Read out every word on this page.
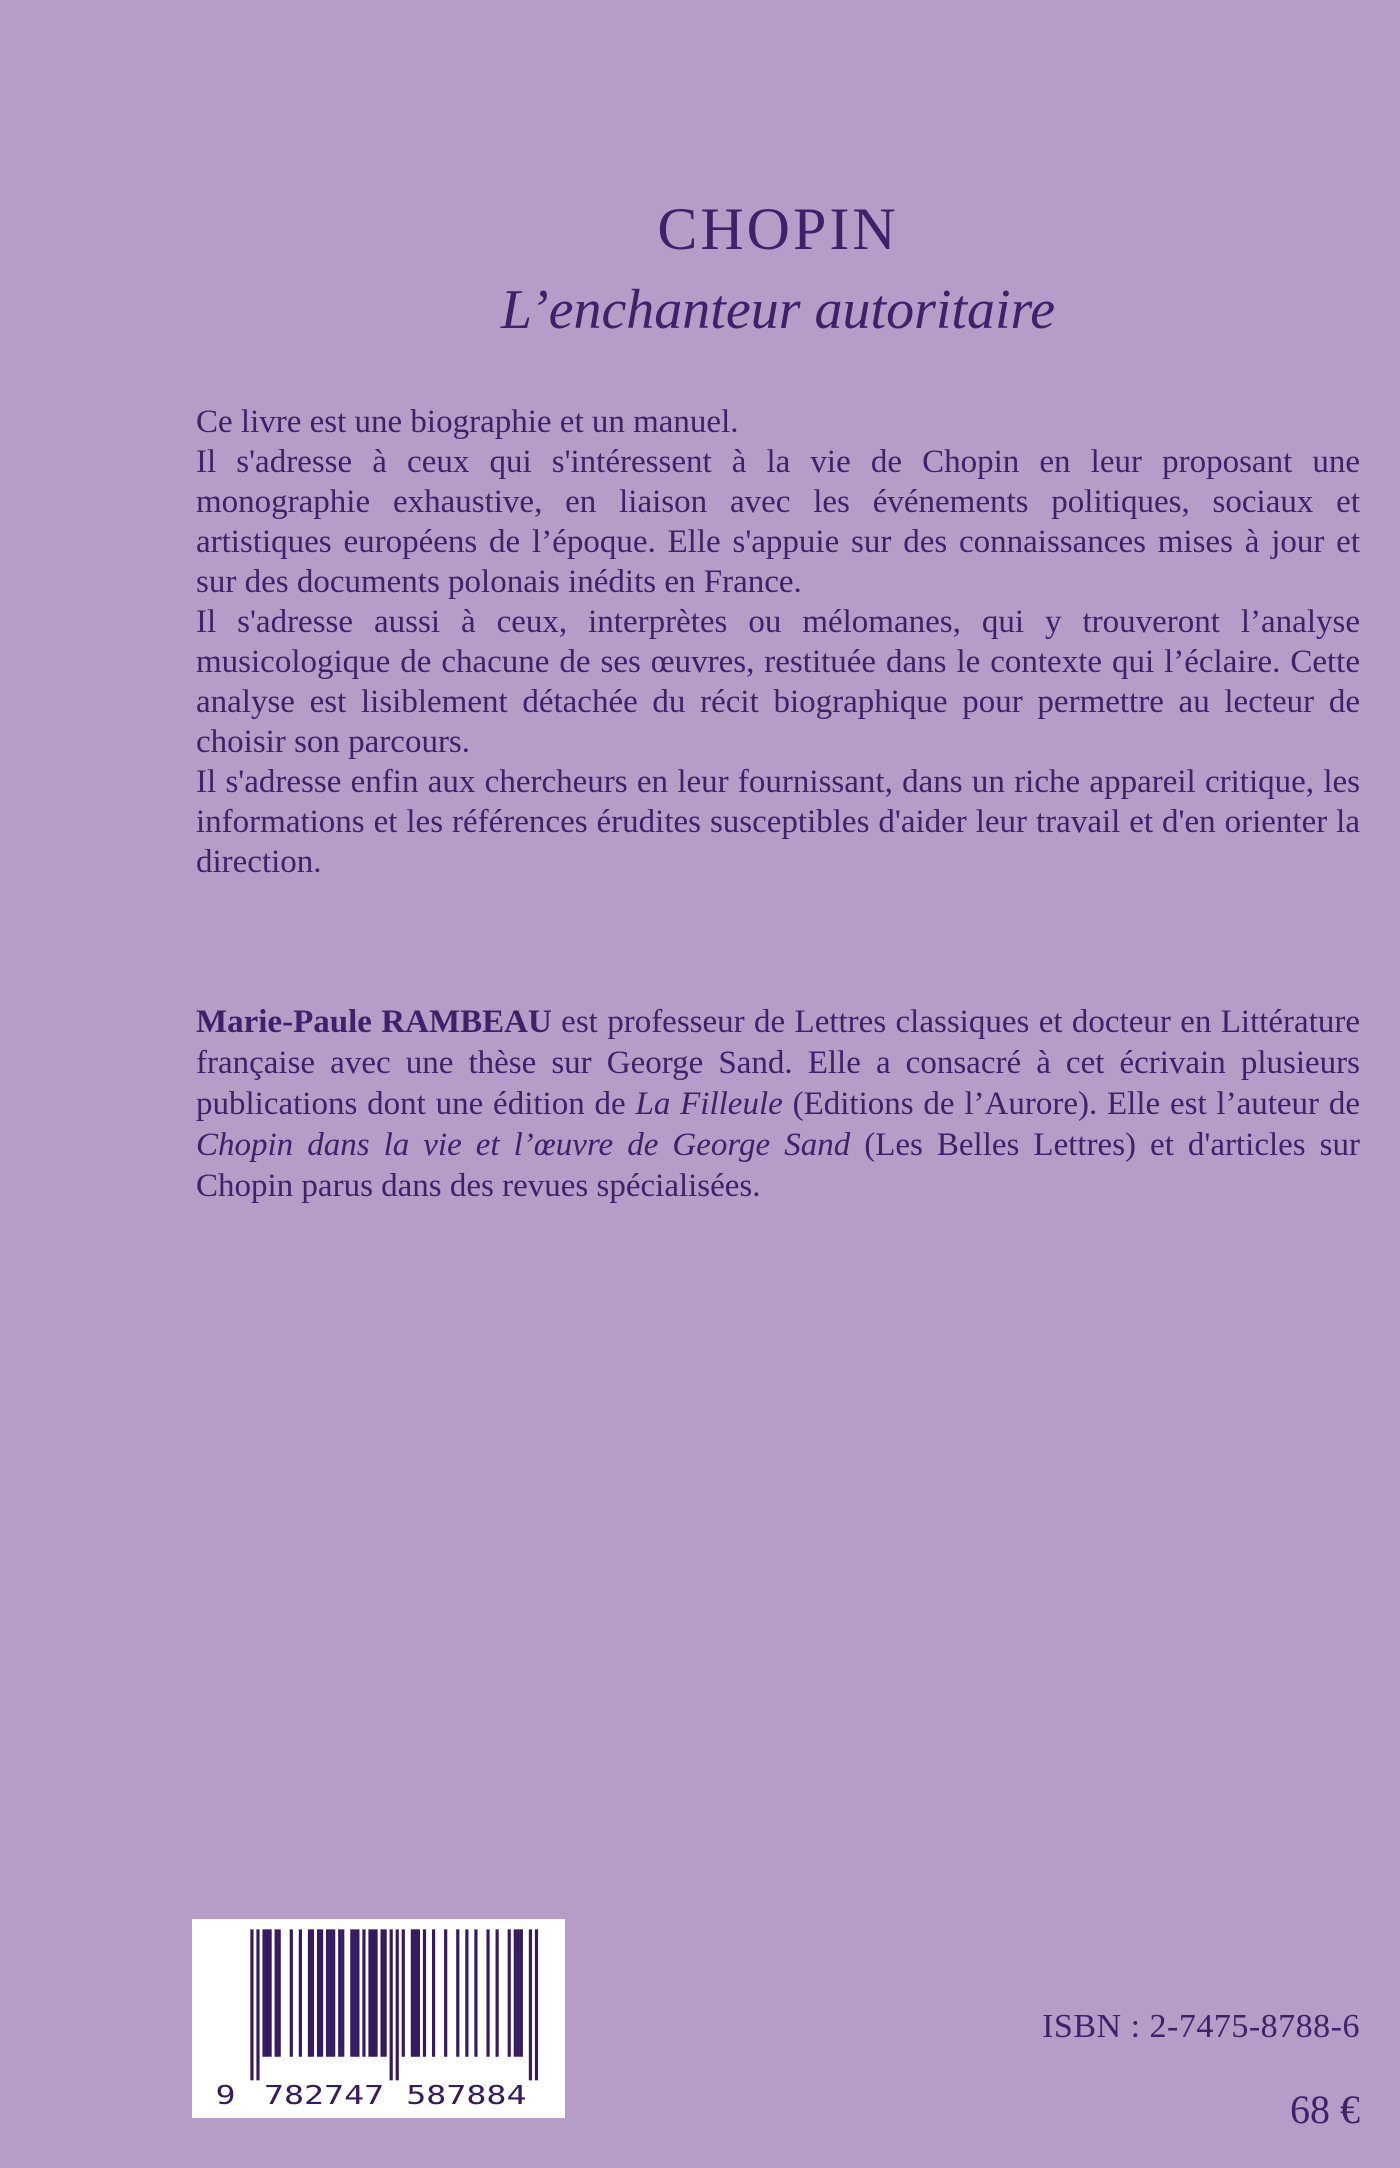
CHOPIN
L’enchanteur autoritaire

Ce livre est une biographie et un manuel.

Il s'adresse à ceux qui s'intéressent à la vie de Chopin en leur proposant une monographie exhaustive, en liaison avec les événements politiques, sociaux et artistiques européens de l’époque. Elle s'appuie sur des connaissances mises à jour et sur des documents polonais inédits en France.

Il s'adresse aussi à ceux, interprètes ou mélomanes, qui y trouveront l’analyse musicologique de chacune de ses œuvres, restituée dans le contexte qui l’éclaire. Cette analyse est lisiblement détachée du récit biographique pour permettre au lecteur de choisir son parcours.

Il s'adresse enfin aux chercheurs en leur fournissant, dans un riche appareil critique, les informations et les références érudites susceptibles d'aider leur travail et d'en orienter la direction.

Marie-Paule RAMBEAU est professeur de Lettres classiques et docteur en Littérature française avec une thèse sur George Sand. Elle a consacré à cet écrivain plusieurs publications dont une édition de La Filleule (Editions de l’Aurore). Elle est l’auteur de Chopin dans la vie et l’œuvre de George Sand (Les Belles Lettres) et d'articles sur Chopin parus dans des revues spécialisées.

9	782747 587884
ISBN : 2-7475-8788-6
68 €
